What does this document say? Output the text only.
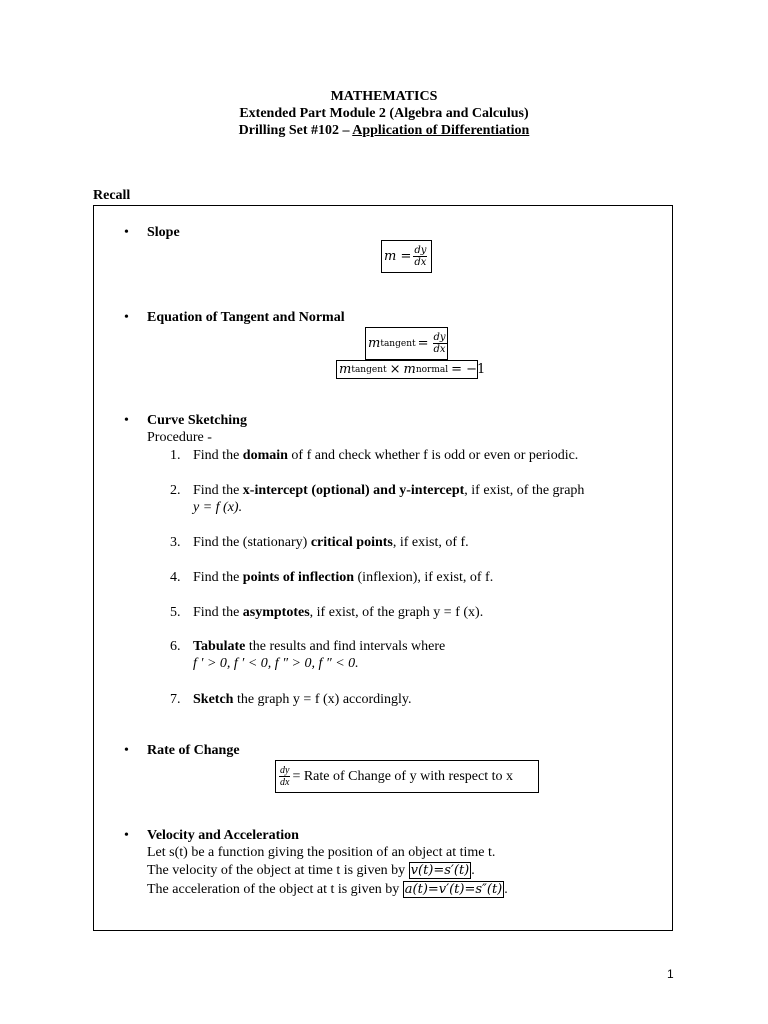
MATHEMATICS
Extended Part Module 2 (Algebra and Calculus)
Drilling Set #102 – Application of Differentiation
Recall
• Slope
$m = \frac{dy}{dx}$
• Equation of Tangent and Normal
m tangent = $\frac{dy}{dx}$
m tangent × m normal = −1
• Curve Sketching
Procedure -
1. Find the domain of f and check whether f is odd or even or periodic.
2. Find the x-intercept (optional) and y-intercept, if exist, of the graph
y = f (x).
3. Find the (stationary) critical points, if exist, of f.
4. Find the points of inflection (inflexion), if exist, of f.
5. Find the asymptotes, if exist, of the graph y = f (x).
6. Tabulate the results and find intervals where
f ′ > 0, f ′ < 0, f ″ > 0, f ″ < 0.
7. Sketch the graph y = f (x) accordingly.
• Rate of Change
$\frac{dy}{dx}$ = Rate of Change of y with respect to x
• Velocity and Acceleration
Let s(t) be a function giving the position of an object at time t.
The velocity of the object at time t is given by v(t)=s′(t) .
The acceleration of the object at t is given by a(t)=v′(t)=s″(t) .
1
